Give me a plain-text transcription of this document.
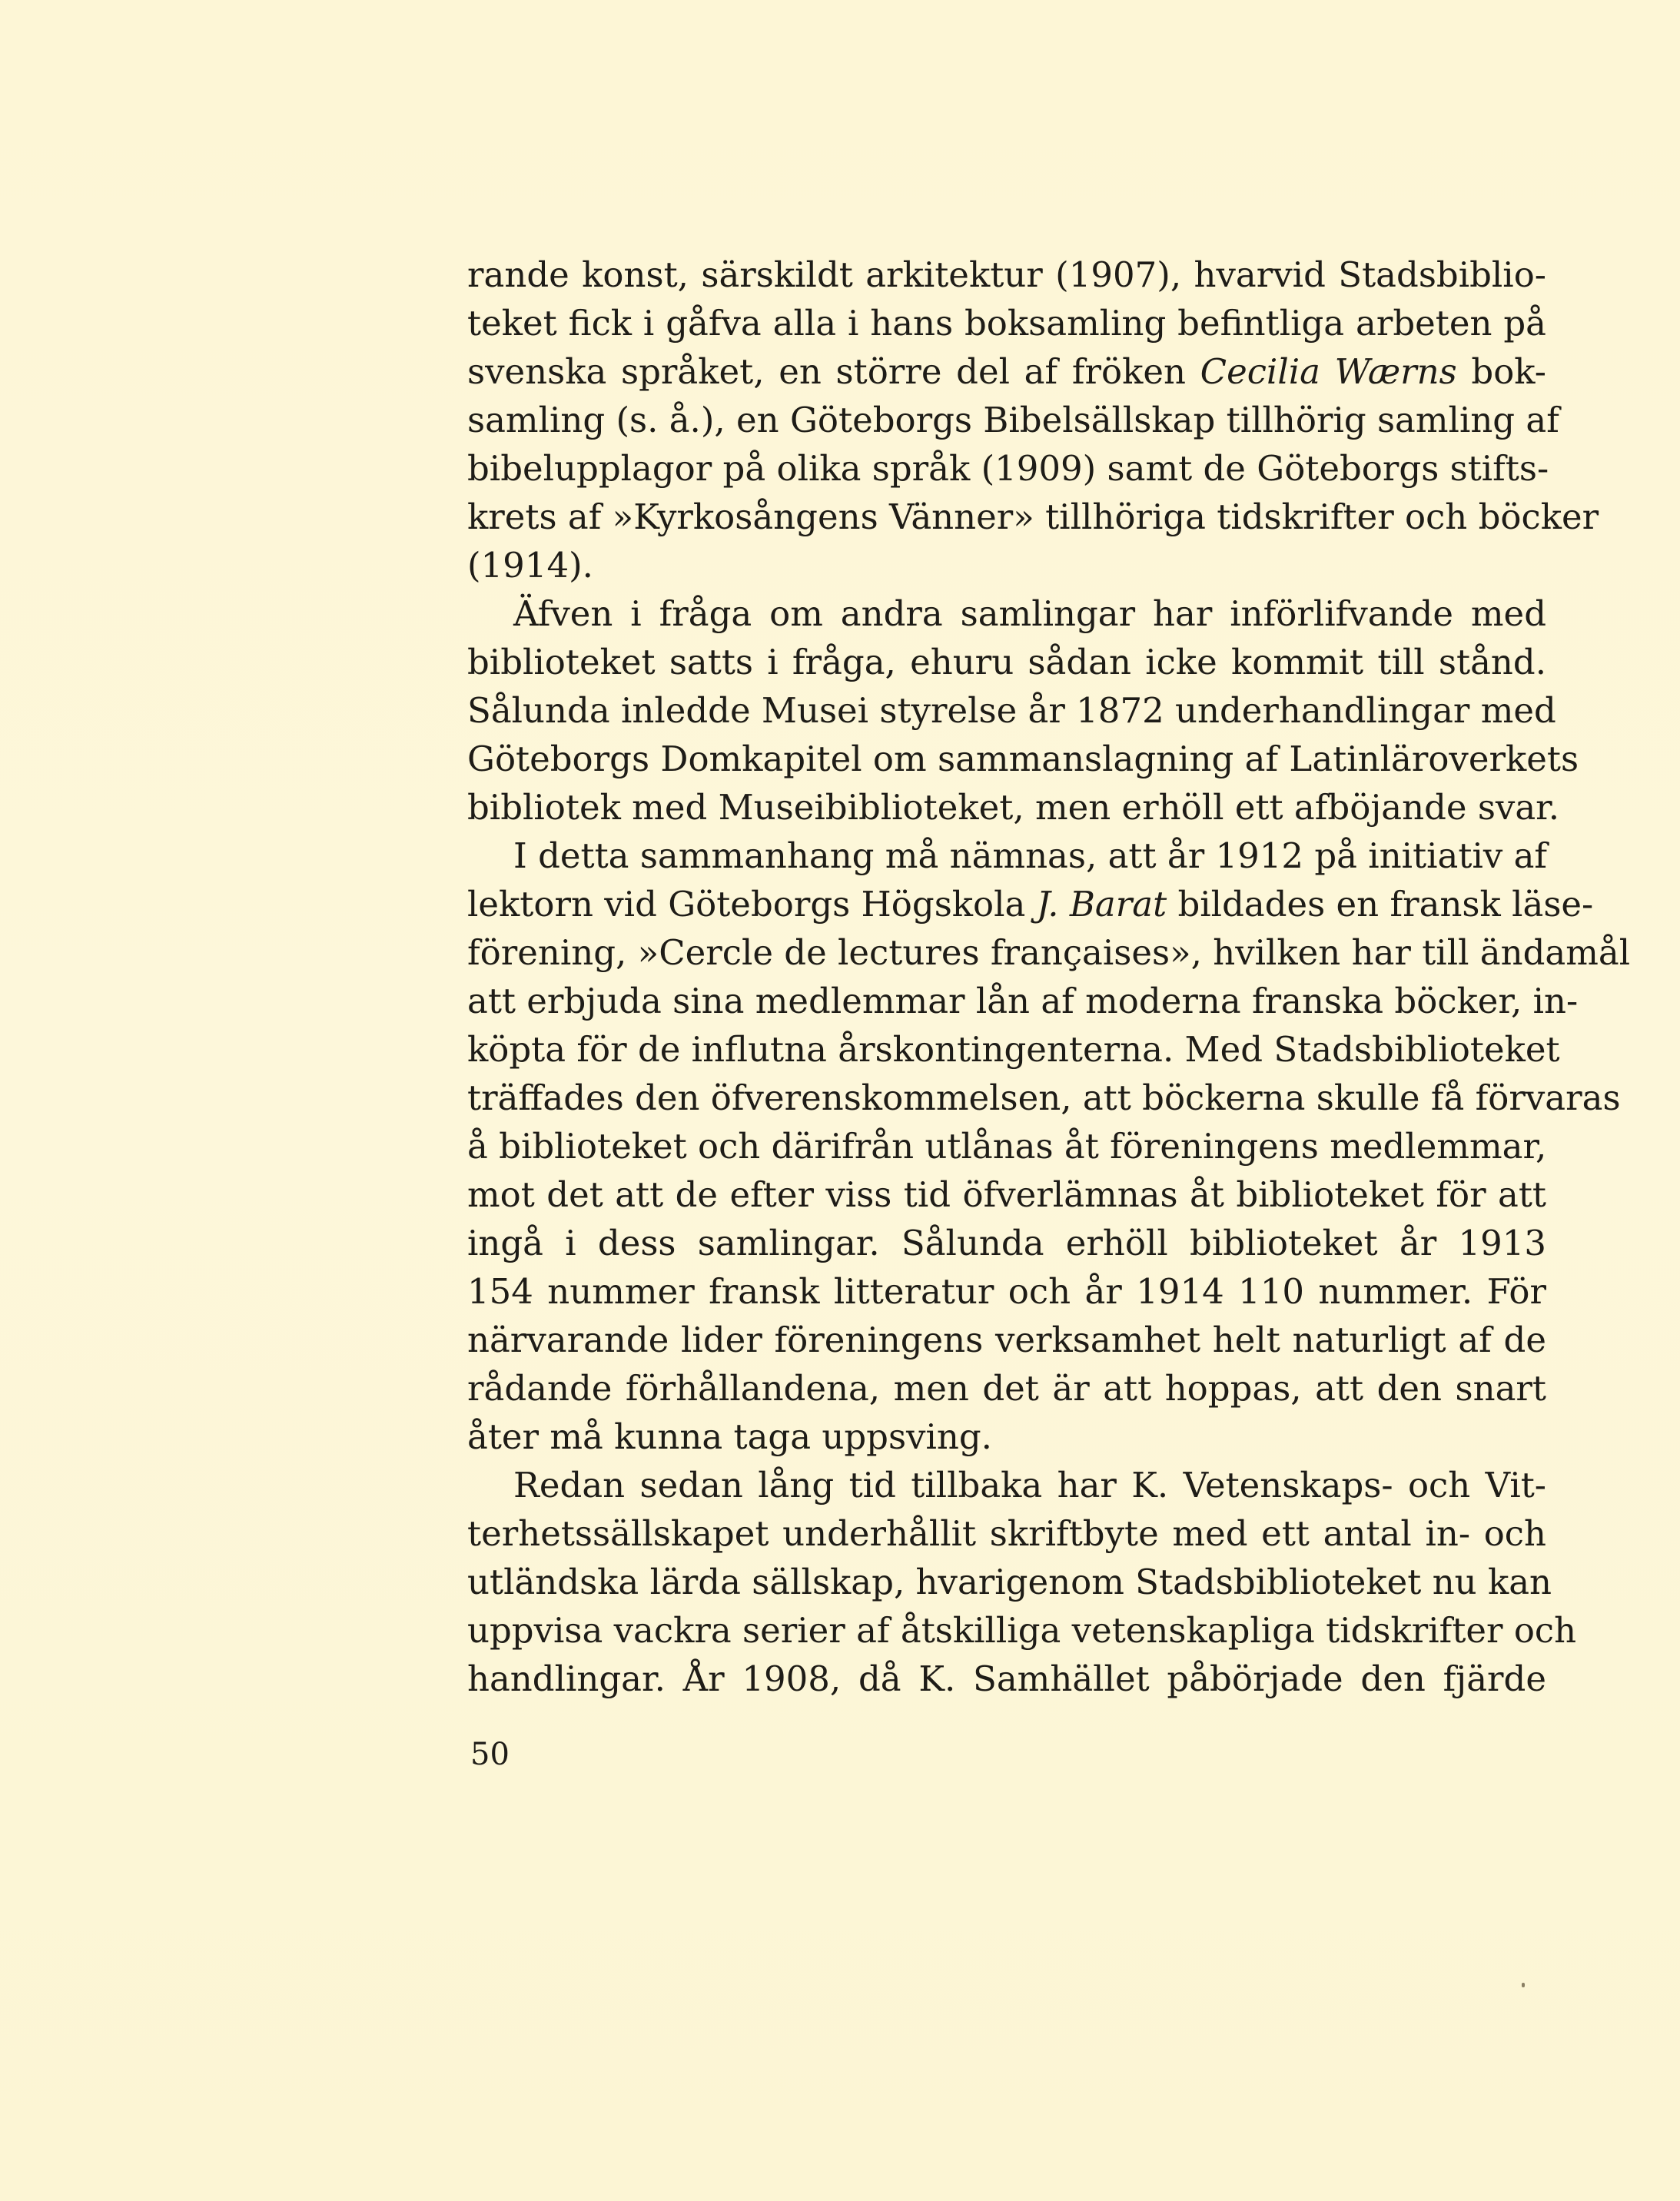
rande konst, särskildt arkitektur (1907), hvarvid Stadsbiblio-
teket fick i gåfva alla i hans boksamling befintliga arbeten på
svenska språket, en större del af fröken Cecilia Wærns bok-
samling (s. å.), en Göteborgs Bibelsällskap tillhörig samling af
bibelupplagor på olika språk (1909) samt de Göteborgs stifts-
krets af »Kyrkosångens Vänner» tillhöriga tidskrifter och böcker
(1914).
Äfven i fråga om andra samlingar har införlifvande med
biblioteket satts i fråga, ehuru sådan icke kommit till stånd.
Sålunda inledde Musei styrelse år 1872 underhandlingar med
Göteborgs Domkapitel om sammanslagning af Latinläroverkets
bibliotek med Museibiblioteket, men erhöll ett afböjande svar.
I detta sammanhang må nämnas, att år 1912 på initiativ af
lektorn vid Göteborgs Högskola J. Barat bildades en fransk läse-
förening, »Cercle de lectures françaises», hvilken har till ändamål
att erbjuda sina medlemmar lån af moderna franska böcker, in-
köpta för de influtna årskontingenterna. Med Stadsbiblioteket
träffades den öfverenskommelsen, att böckerna skulle få förvaras
å biblioteket och därifrån utlånas åt föreningens medlemmar,
mot det att de efter viss tid öfverlämnas åt biblioteket för att
ingå i dess samlingar. Sålunda erhöll biblioteket år 1913
154 nummer fransk litteratur och år 1914 110 nummer. För
närvarande lider föreningens verksamhet helt naturligt af de
rådande förhållandena, men det är att hoppas, att den snart
åter må kunna taga uppsving.
Redan sedan lång tid tillbaka har K. Vetenskaps- och Vit-
terhetssällskapet underhållit skriftbyte med ett antal in- och
utländska lärda sällskap, hvarigenom Stadsbiblioteket nu kan
uppvisa vackra serier af åtskilliga vetenskapliga tidskrifter och
handlingar. År 1908, då K. Samhället påbörjade den fjärde
50
